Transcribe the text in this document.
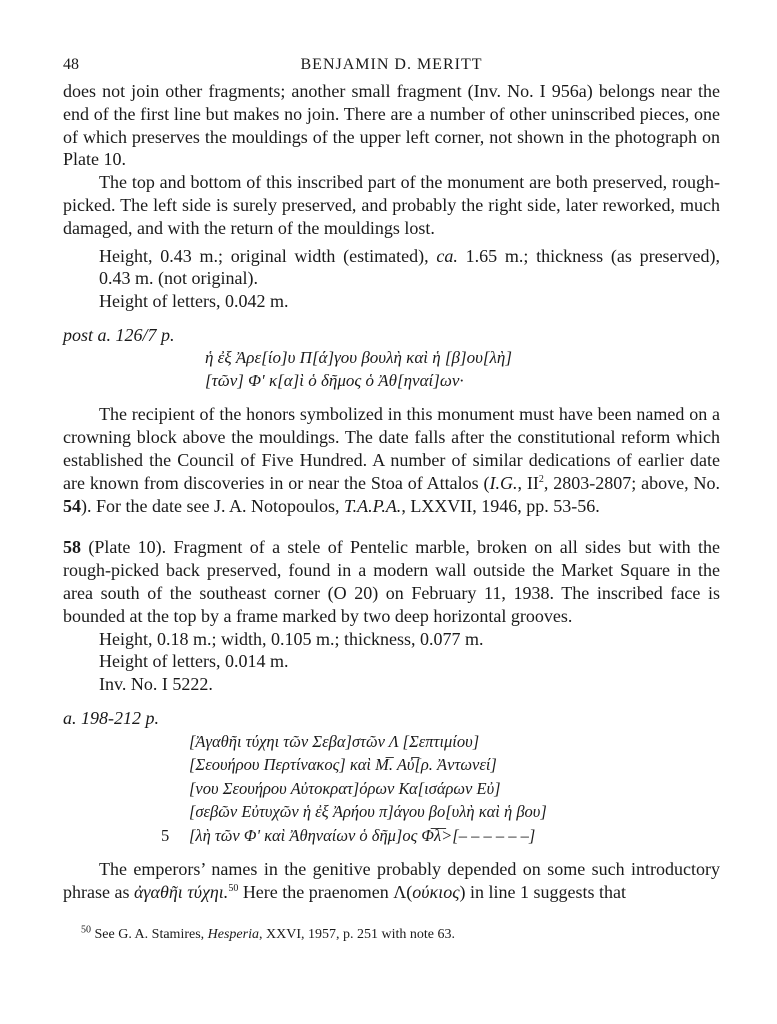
48	BENJAMIN D. MERITT

does not join other fragments; another small fragment (Inv. No. I 956a) belongs near the end of the first line but makes no join. There are a number of other uninscribed pieces, one of which preserves the mouldings of the upper left corner, not shown in the photograph on Plate 10.

The top and bottom of this inscribed part of the monument are both preserved, rough-picked. The left side is surely preserved, and probably the right side, later reworked, much damaged, and with the return of the mouldings lost.

Height, 0.43 m.; original width (estimated), ca. 1.65 m.; thickness (as preserved), 0.43 m. (not original).

Height of letters, 0.042 m.

post a. 126/7 p.
ἡ ἐξ Ἀρε[ίο]υ Π[ά]γου βουλὴ καὶ ἡ [β]ου[λὴ]
[τῶν] Φʹ κ[α]ὶ ὁ δῆμος ὁ Ἀθ[ηναί]ων·

The recipient of the honors symbolized in this monument must have been named on a crowning block above the mouldings. The date falls after the constitutional reform which established the Council of Five Hundred. A number of similar dedications of earlier date are known from discoveries in or near the Stoa of Attalos (I.G., $II^2$, 2803-2807; above, No. 54). For the date see J. A. Notopoulos, T.A.P.A., LXXVII, 1946, pp. 53-56.

58 (Plate 10). Fragment of a stele of Pentelic marble, broken on all sides but with the rough-picked back preserved, found in a modern wall outside the Market Square in the area south of the southeast corner (O 20) on February 11, 1938. The inscribed face is bounded at the top by a frame marked by two deep horizontal grooves.

Height, 0.18 m.; width, 0.105 m.; thickness, 0.077 m.

Height of letters, 0.014 m.

Inv. No. I 5222.

a. 198-212 p.
[Ἀγαθῆι τύχηι τῶν Σεβα]στῶν Λ [Σεπτιμίου]
[Σεουήρου Περτίνακος] καὶ Μ̅. Αὐ̅[ρ. Ἀντωνεί]
[νου Σεουήρου Αὐτοκρατ]όρων Κα[ισάρων Εὐ]
[σεβῶν Εὐτυχῶν ἡ ἐξ Ἀρήου π]άγου βο[υλὴ καὶ ἡ βου]
5 [λὴ τῶν Φʹ καὶ Ἀθηναίων ὁ δῆμ]ος Φ̅λ̅>[– – – – – –]

The emperors’ names in the genitive probably depended on some such introductory phrase as ἀγαθῆι τύχηι.$^{50}$ Here the praenomen Λ(ούκιος) in line 1 suggests that

$^{50}$ See G. A. Stamires, Hesperia, XXVI, 1957, p. 251 with note 63.
